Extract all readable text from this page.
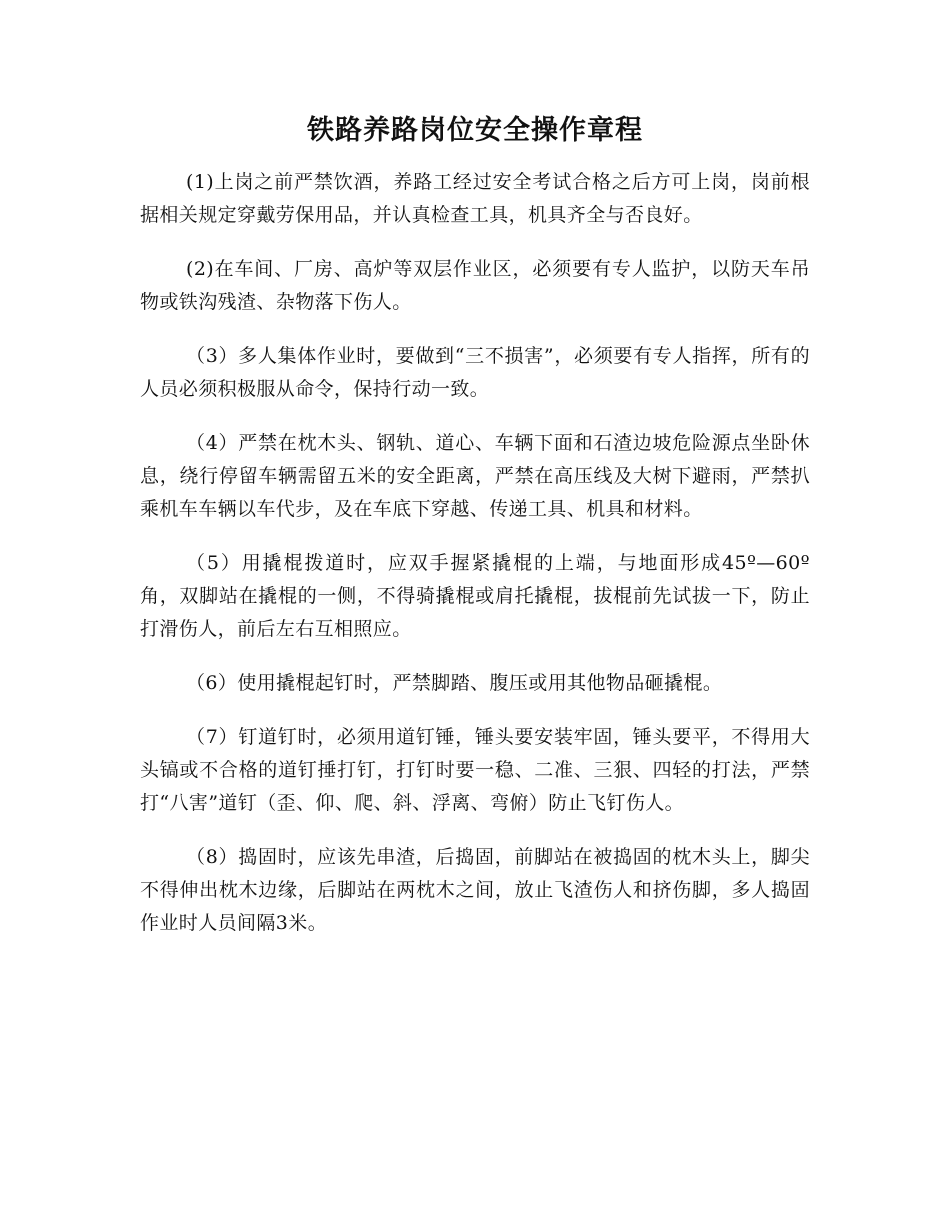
铁路养路岗位安全操作章程

(1)上岗之前严禁饮酒，养路工经过安全考试合格之后方可上岗，岗前根据相关规定穿戴劳保用品，并认真检查工具，机具齐全与否良好。

(2)在车间、厂房、高炉等双层作业区，必须要有专人监护，以防天车吊物或铁沟残渣、杂物落下伤人。

（3）多人集体作业时，要做到“三不损害”，必须要有专人指挥，所有的人员必须积极服从命令，保持行动一致。

（4）严禁在枕木头、钢轨、道心、车辆下面和石渣边坡危险源点坐卧休息，绕行停留车辆需留五米的安全距离，严禁在高压线及大树下避雨，严禁扒乘机车车辆以车代步，及在车底下穿越、传递工具、机具和材料。

（5）用撬棍拨道时，应双手握紧撬棍的上端，与地面形成45º—60º角，双脚站在撬棍的一侧，不得骑撬棍或肩托撬棍，拔棍前先试拔一下，防止打滑伤人，前后左右互相照应。

（6）使用撬棍起钉时，严禁脚踏、腹压或用其他物品砸撬棍。

（7）钉道钉时，必须用道钉锤，锤头要安装牢固，锤头要平，不得用大头镐或不合格的道钉捶打钉，打钉时要一稳、二准、三狠、四轻的打法，严禁打“八害”道钉（歪、仰、爬、斜、浮离、弯俯）防止飞钉伤人。

（8）捣固时，应该先串渣，后捣固，前脚站在被捣固的枕木头上，脚尖不得伸出枕木边缘，后脚站在两枕木之间，放止飞渣伤人和挤伤脚，多人捣固作业时人员间隔3米。
